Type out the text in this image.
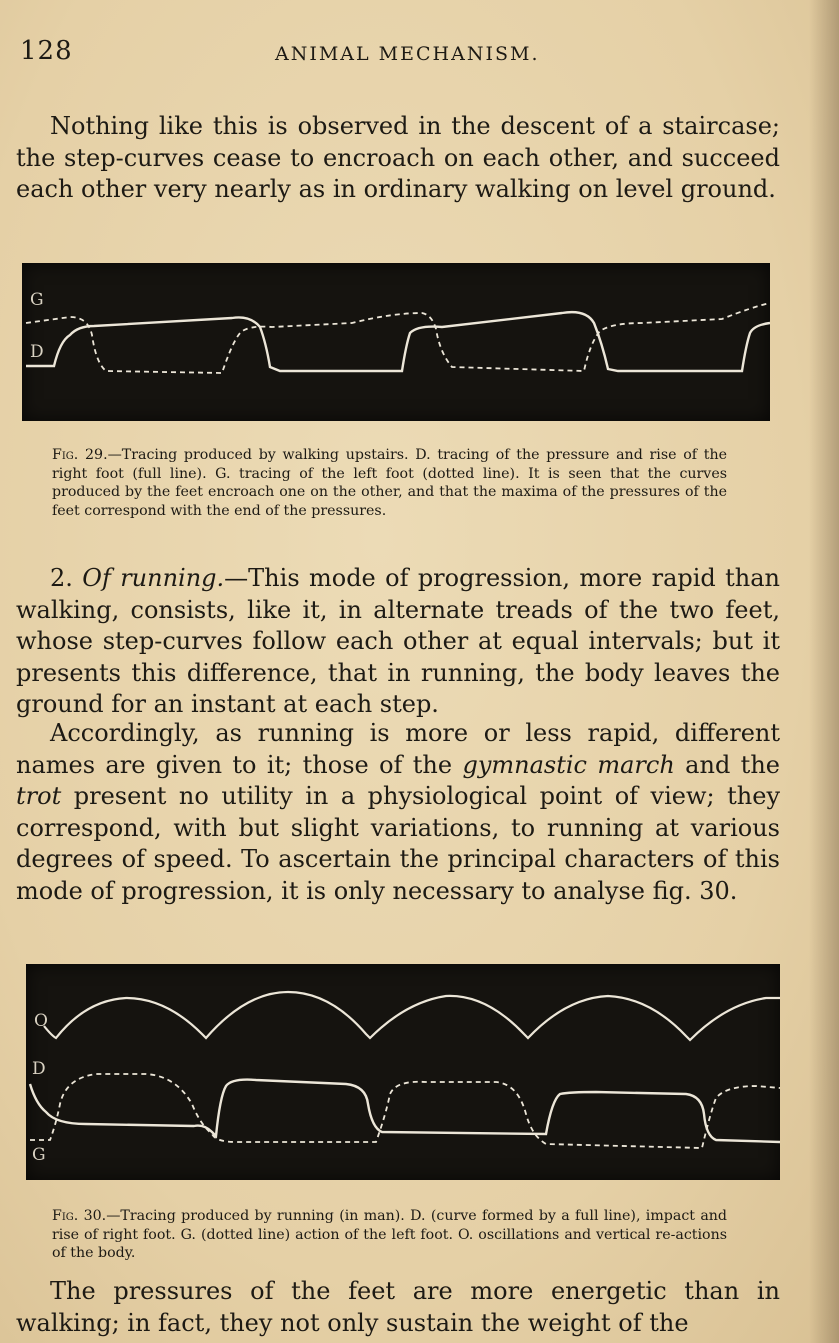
128	ANIMAL MECHANISM.

Nothing like this is observed in the descent of a staircase; the step-curves cease to encroach on each other, and succeed each other very nearly as in ordinary walking on level ground.

G
D

Fig. 29.—Tracing produced by walking upstairs. D. tracing of the pressure and rise of the right foot (full line). G. tracing of the left foot (dotted line). It is seen that the curves produced by the feet encroach one on the other, and that the maxima of the pressures of the feet correspond with the end of the pressures.

2. Of running.—This mode of progression, more rapid than walking, consists, like it, in alternate treads of the two feet, whose step-curves follow each other at equal intervals; but it presents this difference, that in running, the body leaves the ground for an instant at each step.

Accordingly, as running is more or less rapid, different names are given to it; those of the gymnastic march and the trot present no utility in a physiological point of view; they correspond, with but slight variations, to running at various degrees of speed. To ascertain the principal characters of this mode of progression, it is only necessary to analyse fig. 30.

O
D
G

Fig. 30.—Tracing produced by running (in man). D. (curve formed by a full line), impact and rise of right foot. G. (dotted line) action of the left foot. O. oscillations and vertical re-actions of the body.

The pressures of the feet are more energetic than in walking; in fact, they not only sustain the weight of the
